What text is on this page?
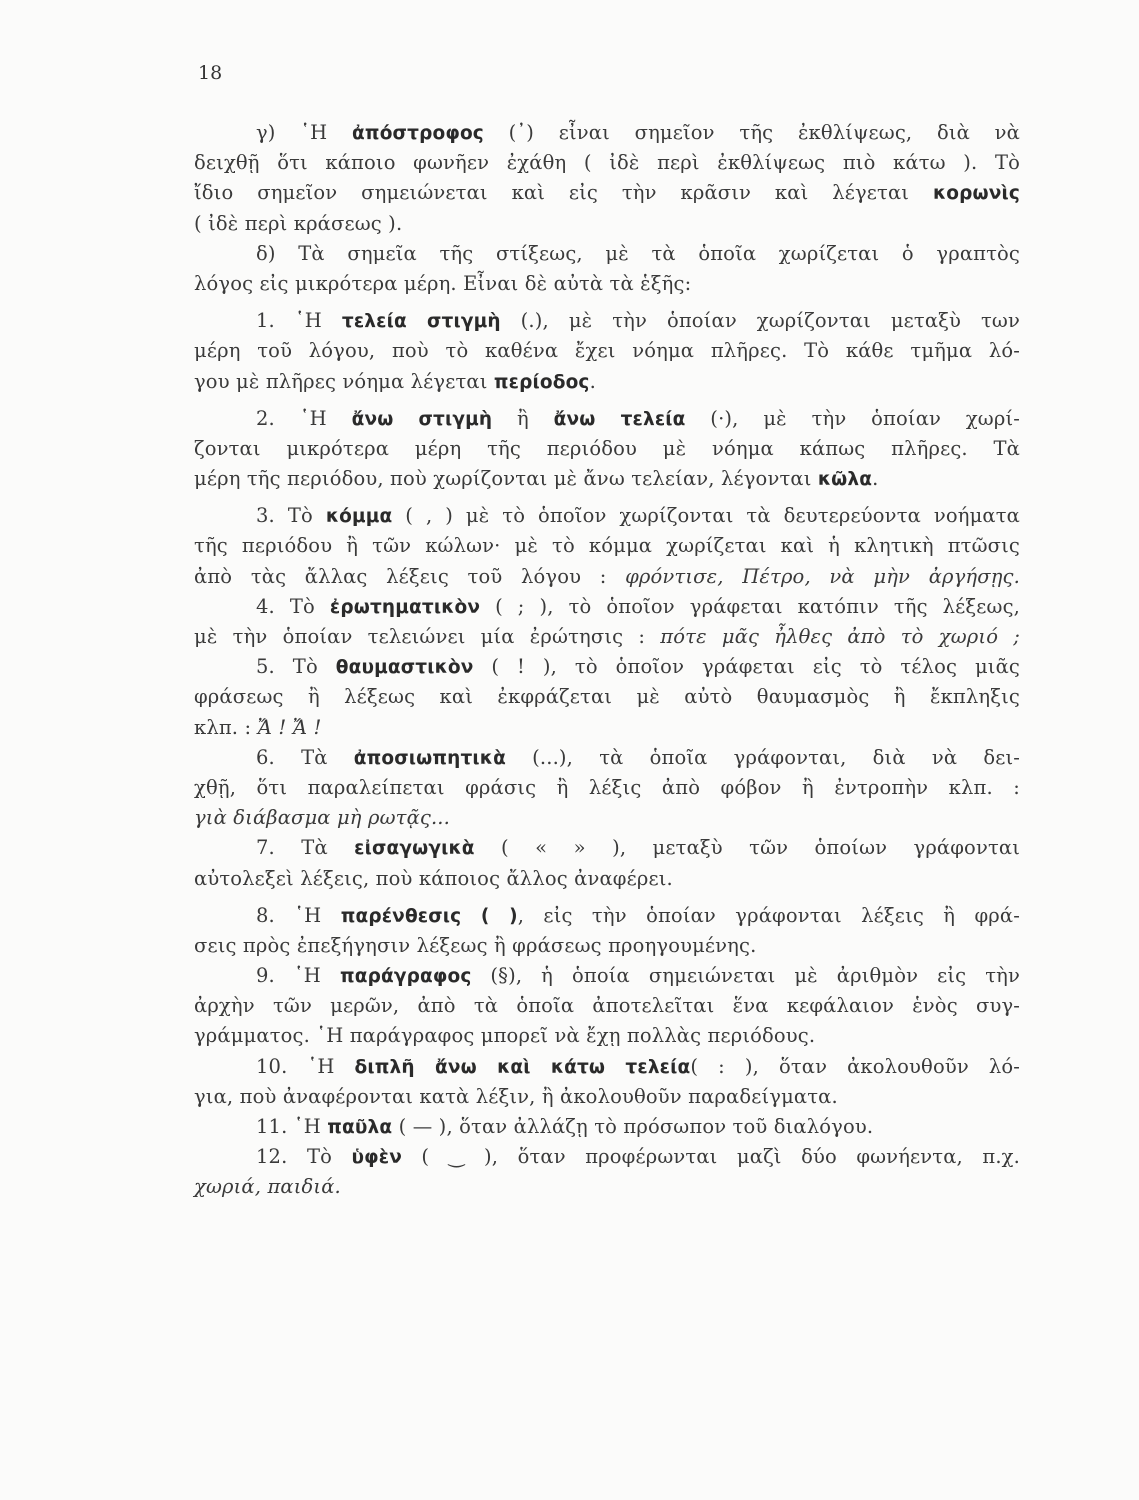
18
γ) ῾Η ἀπόστροφος (᾽) εἶναι σημεῖον τῆς ἐκθλίψεως, διὰ νὰ
δειχθῇ ὅτι κάποιο φωνῆεν ἐχάθη ( ἰδὲ περὶ ἐκθλίψεως πιὸ κάτω ). Τὸ
ἴδιο σημεῖον σημειώνεται καὶ εἰς τὴν κρᾶσιν καὶ λέγεται κορωνὶς
( ἰδὲ περὶ κράσεως ).
δ) Τὰ σημεῖα τῆς στίξεως, μὲ τὰ ὁποῖα χωρίζεται ὁ γραπτὸς
λόγος εἰς μικρότερα μέρη. Εἶναι δὲ αὐτὰ τὰ ἑξῆς:
1. ῾Η τελεία στιγμὴ (.), μὲ τὴν ὁποίαν χωρίζονται μεταξὺ των
μέρη τοῦ λόγου, ποὺ τὸ καθένα ἔχει νόημα πλῆρες. Τὸ κάθε τμῆμα λό-
γου μὲ πλῆρες νόημα λέγεται περίοδος.
2. ῾Η ἄνω στιγμὴ ἢ ἄνω τελεία (·), μὲ τὴν ὁποίαν χωρί-
ζονται μικρότερα μέρη τῆς περιόδου μὲ νόημα κάπως πλῆρες. Τὰ
μέρη τῆς περιόδου, ποὺ χωρίζονται μὲ ἄνω τελείαν, λέγονται κῶλα.
3. Τὸ κόμμα ( , ) μὲ τὸ ὁποῖον χωρίζονται τὰ δευτερεύοντα νοήματα
τῆς περιόδου ἢ τῶν κώλων· μὲ τὸ κόμμα χωρίζεται καὶ ἡ κλητικὴ πτῶσις
ἀπὸ τὰς ἄλλας λέξεις τοῦ λόγου : φρόντισε, Πέτρο, νὰ μὴν ἀργήσῃς.
4. Τὸ ἐρωτηματικὸν ( ; ), τὸ ὁποῖον γράφεται κατόπιν τῆς λέξεως,
μὲ τὴν ὁποίαν τελειώνει μία ἐρώτησις : πότε μᾶς ἦλθες ἀπὸ τὸ χωριό ;
5. Τὸ θαυμαστικὸν ( ! ), τὸ ὁποῖον γράφεται εἰς τὸ τέλος μιᾶς
φράσεως ἢ λέξεως καὶ ἐκφράζεται μὲ αὐτὸ θαυμασμὸς ἢ ἔκπληξις
κλπ. : Ἄ ! Ἄ !
6. Τὰ ἀποσιωπητικὰ (...), τὰ ὁποῖα γράφονται, διὰ νὰ δει-
χθῇ, ὅτι παραλείπεται φράσις ἢ λέξις ἀπὸ φόβον ἢ ἐντροπὴν κλπ. :
γιὰ διάβασμα μὴ ρωτᾷς...
7. Τὰ εἰσαγωγικὰ ( « » ), μεταξὺ τῶν ὁποίων γράφονται
αὐτολεξεὶ λέξεις, ποὺ κάποιος ἄλλος ἀναφέρει.
8. ῾Η παρένθεσις ( ), εἰς τὴν ὁποίαν γράφονται λέξεις ἢ φρά-
σεις πρὸς ἐπεξήγησιν λέξεως ἢ φράσεως προηγουμένης.
9. ῾Η παράγραφος (§), ἡ ὁποία σημειώνεται μὲ ἀριθμὸν εἰς τὴν
ἀρχὴν τῶν μερῶν, ἀπὸ τὰ ὁποῖα ἀποτελεῖται ἕνα κεφάλαιον ἑνὸς συγ-
γράμματος. ῾Η παράγραφος μπορεῖ νὰ ἔχῃ πολλὰς περιόδους.
10. ῾Η διπλῆ ἄνω καὶ κάτω τελεία( : ), ὅταν ἀκολουθοῦν λό-
για, ποὺ ἀναφέρονται κατὰ λέξιν, ἢ ἀκολουθοῦν παραδείγματα.
11. ῾Η παῦλα ( — ), ὅταν ἀλλάζῃ τὸ πρόσωπον τοῦ διαλόγου.
12. Τὸ ὑφὲν ( ‿ ), ὅταν προφέρωνται μαζὶ δύο φωνήεντα, π.χ.
χωριά, παιδιά.
